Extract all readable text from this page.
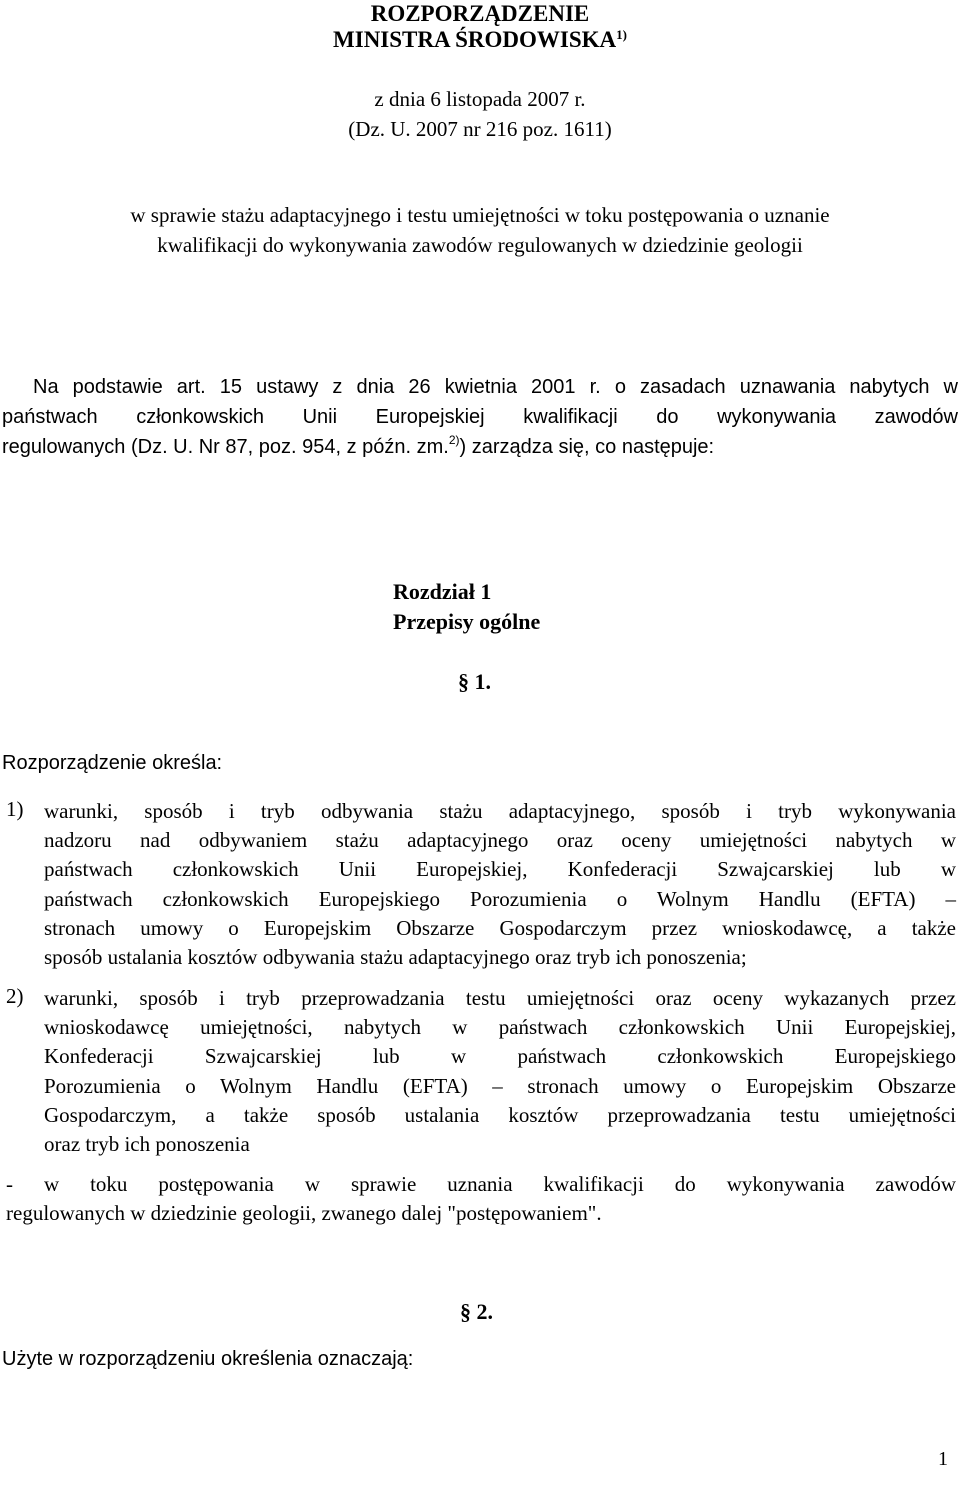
ROZPORZĄDZENIE
MINISTRA ŚRODOWISKA$^{1)}$
z dnia 6 listopada 2007 r.
(Dz. U. 2007 nr 216 poz. 1611)
w sprawie stażu adaptacyjnego i testu umiejętności w toku postępowania o uznanie
kwalifikacji do wykonywania zawodów regulowanych w dziedzinie geologii
Na podstawie art. 15 ustawy z dnia 26 kwietnia 2001 r. o zasadach uznawania nabytych w
państwach członkowskich Unii Europejskiej kwalifikacji do wykonywania zawodów
regulowanych (Dz. U. Nr 87, poz. 954, z późn. zm.$^{2)}$) zarządza się, co następuje:
Rozdział 1
Przepisy ogólne
§ 1.
Rozporządzenie określa:
1) warunki, sposób i tryb odbywania stażu adaptacyjnego, sposób i tryb wykonywania
nadzoru nad odbywaniem stażu adaptacyjnego oraz oceny umiejętności nabytych w
państwach członkowskich Unii Europejskiej, Konfederacji Szwajcarskiej lub w
państwach członkowskich Europejskiego Porozumienia o Wolnym Handlu (EFTA) –
stronach umowy o Europejskim Obszarze Gospodarczym przez wnioskodawcę, a także
sposób ustalania kosztów odbywania stażu adaptacyjnego oraz tryb ich ponoszenia;
2) warunki, sposób i tryb przeprowadzania testu umiejętności oraz oceny wykazanych przez
wnioskodawcę umiejętności, nabytych w państwach członkowskich Unii Europejskiej,
Konfederacji Szwajcarskiej lub w państwach członkowskich Europejskiego
Porozumienia o Wolnym Handlu (EFTA) – stronach umowy o Europejskim Obszarze
Gospodarczym, a także sposób ustalania kosztów przeprowadzania testu umiejętności
oraz tryb ich ponoszenia
- w toku postępowania w sprawie uznania kwalifikacji do wykonywania zawodów
regulowanych w dziedzinie geologii, zwanego dalej "postępowaniem".
§ 2.
Użyte w rozporządzeniu określenia oznaczają:
1
